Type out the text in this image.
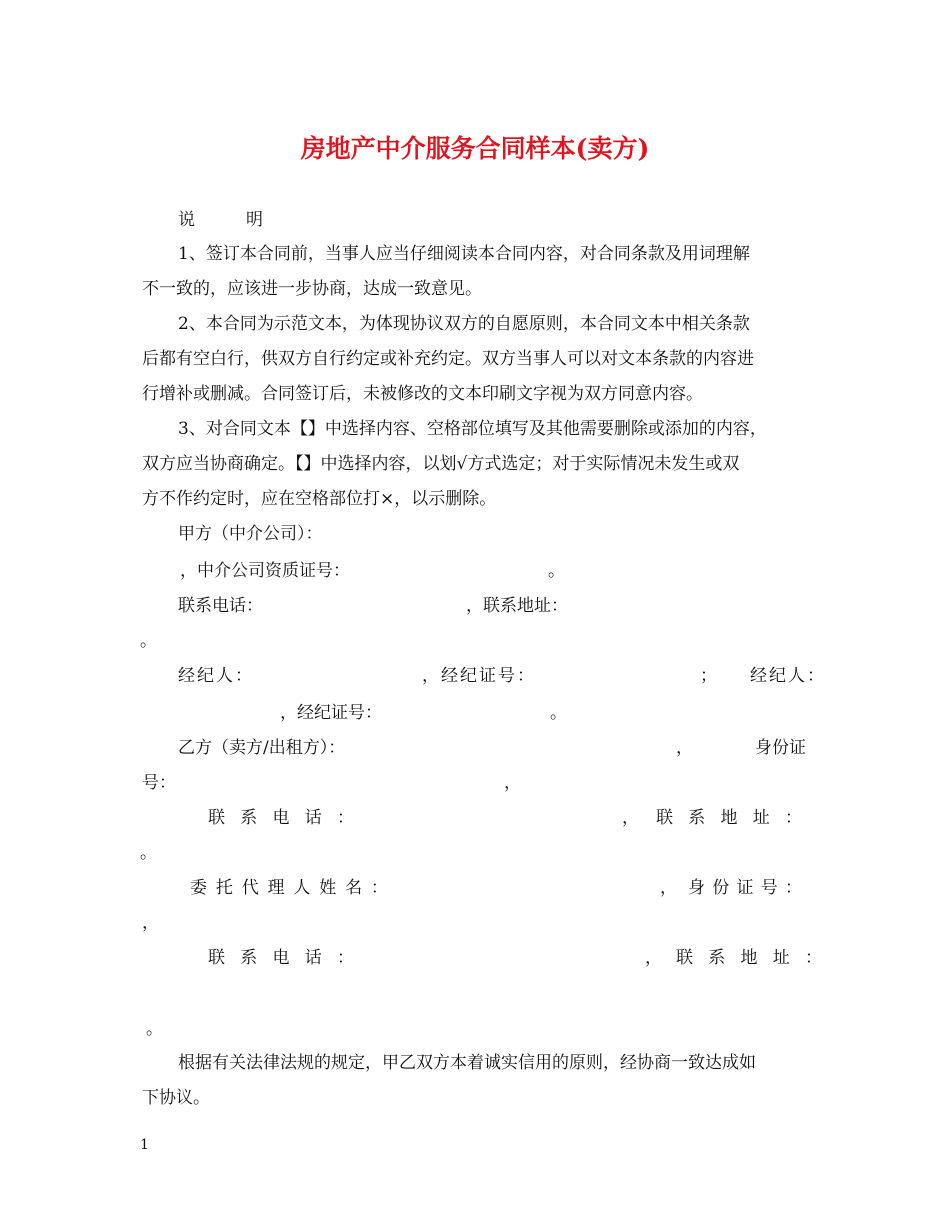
房地产中介服务合同样本(卖方)
说　　　明
1、签订本合同前，当事人应当仔细阅读本合同内容，对合同条款及用词理解
不一致的，应该进一步协商，达成一致意见。
2、本合同为示范文本，为体现协议双方的自愿原则，本合同文本中相关条款
后都有空白行，供双方自行约定或补充约定。双方当事人可以对文本条款的内容进
行增补或删减。合同签订后，未被修改的文本印刷文字视为双方同意内容。
3、对合同文本【】中选择内容、空格部位填写及其他需要删除或添加的内容，
双方应当协商确定。【】中选择内容，以划√方式选定；对于实际情况未发生或双
方不作约定时，应在空格部位打×，以示删除。
甲方（中介公司）：
，中介公司资质证号：	。
联系电话：	，联系地址：
。
经纪人：	，经纪证号：	； 经纪人：
，经纪证号：	。
乙方（卖方/出租方）：	，	身份证
号：	，
联 系 电 话 ：	， 联 系 地 址 ：
。
委 托 代 理 人 姓 名 ：	， 身 份 证 号 ：
，
联 系 电 话 ：	， 联 系 地 址 ：
。
根据有关法律法规的规定，甲乙双方本着诚实信用的原则，经协商一致达成如
下协议。
1
